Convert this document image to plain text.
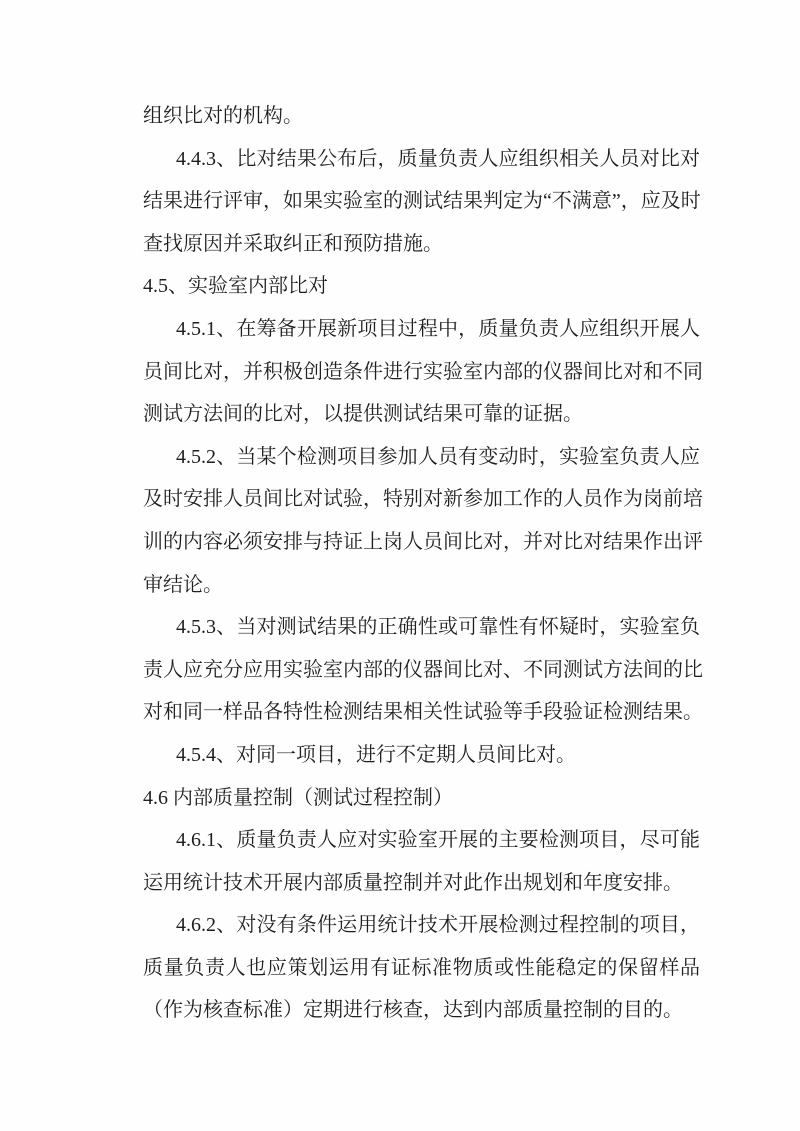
组织比对的机构。
4.4.3、比对结果公布后，质量负责人应组织相关人员对比对
结果进行评审，如果实验室的测试结果判定为“不满意”，应及时
查找原因并采取纠正和预防措施。
4.5、实验室内部比对
4.5.1、在筹备开展新项目过程中，质量负责人应组织开展人
员间比对，并积极创造条件进行实验室内部的仪器间比对和不同
测试方法间的比对，以提供测试结果可靠的证据。
4.5.2、当某个检测项目参加人员有变动时，实验室负责人应
及时安排人员间比对试验，特别对新参加工作的人员作为岗前培
训的内容必须安排与持证上岗人员间比对，并对比对结果作出评
审结论。
4.5.3、当对测试结果的正确性或可靠性有怀疑时，实验室负
责人应充分应用实验室内部的仪器间比对、不同测试方法间的比
对和同一样品各特性检测结果相关性试验等手段验证检测结果。
4.5.4、对同一项目，进行不定期人员间比对。
4.6 内部质量控制（测试过程控制）
4.6.1、质量负责人应对实验室开展的主要检测项目，尽可能
运用统计技术开展内部质量控制并对此作出规划和年度安排。
4.6.2、对没有条件运用统计技术开展检测过程控制的项目，
质量负责人也应策划运用有证标准物质或性能稳定的保留样品
（作为核查标准）定期进行核查，达到内部质量控制的目的。
